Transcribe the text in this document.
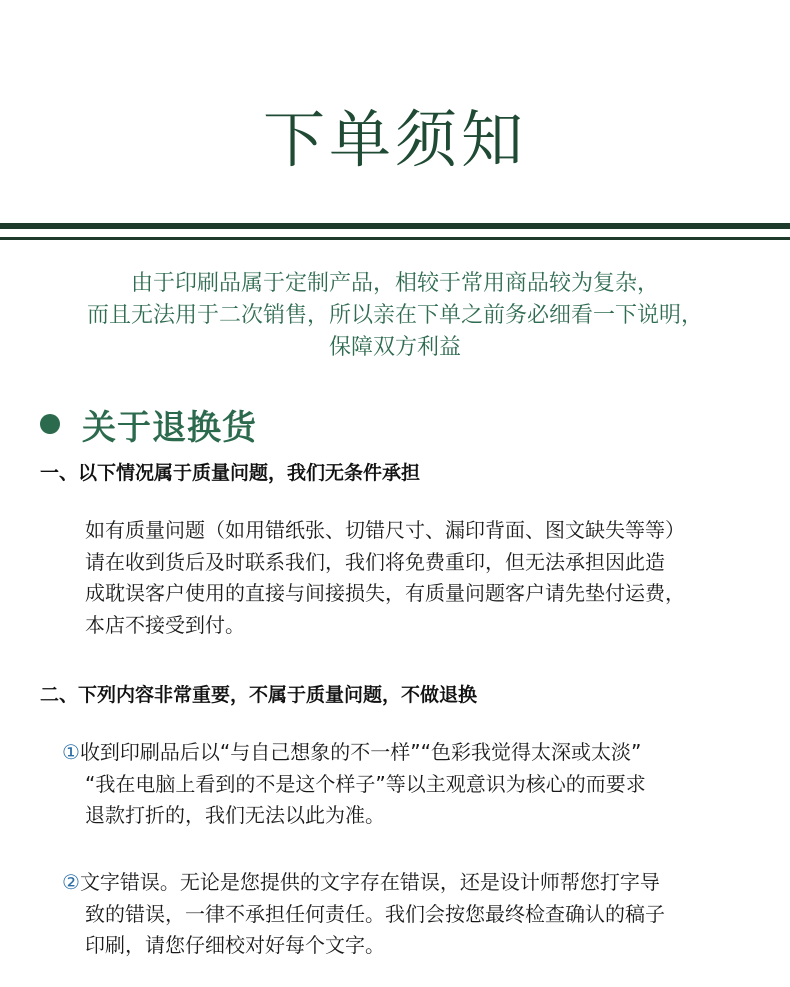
下单须知
由于印刷品属于定制产品，相较于常用商品较为复杂，
而且无法用于二次销售，所以亲在下单之前务必细看一下说明，
保障双方利益
关于退换货
一、以下情况属于质量问题，我们无条件承担
如有质量问题（如用错纸张、切错尺寸、漏印背面、图文缺失等等）
请在收到货后及时联系我们，我们将免费重印，但无法承担因此造
成耽误客户使用的直接与间接损失，有质量问题客户请先垫付运费，
本店不接受到付。
二、下列内容非常重要，不属于质量问题，不做退换
①收到印刷品后以“与自己想象的不一样”“色彩我觉得太深或太淡”
“我在电脑上看到的不是这个样子”等以主观意识为核心的而要求
退款打折的，我们无法以此为准。
②文字错误。无论是您提供的文字存在错误，还是设计师帮您打字导
致的错误，一律不承担任何责任。我们会按您最终检查确认的稿子
印刷，请您仔细校对好每个文字。
